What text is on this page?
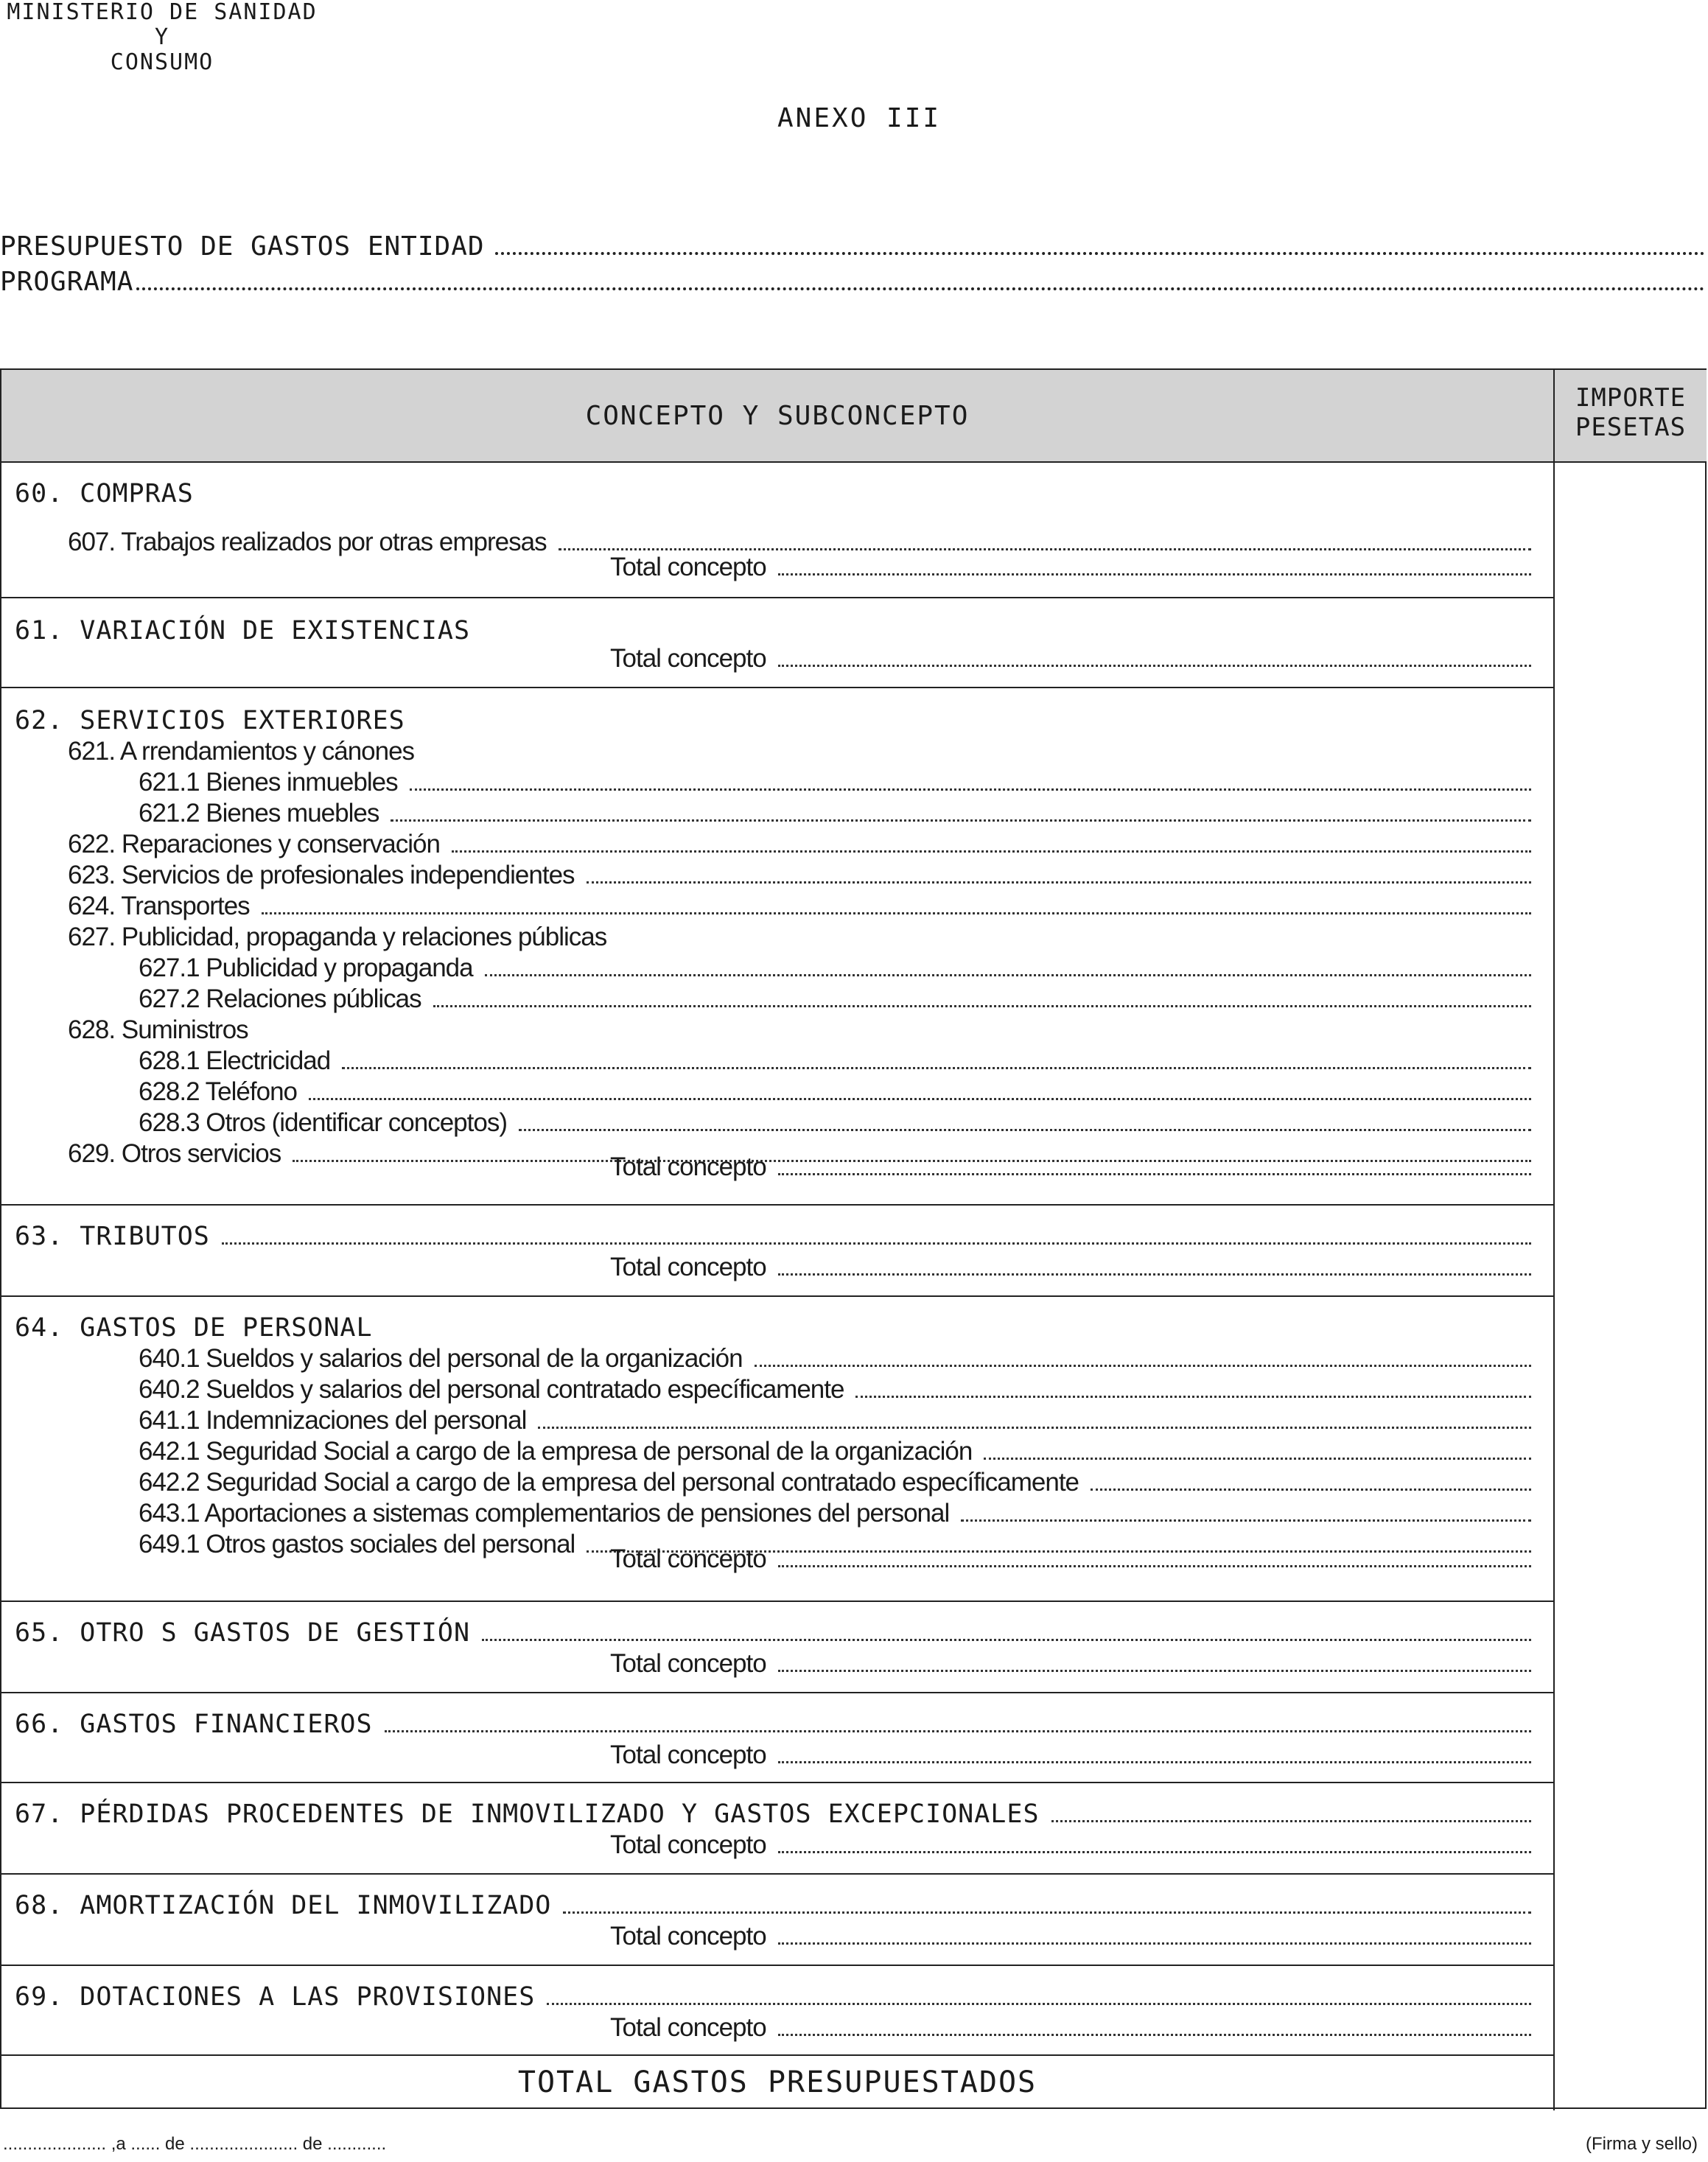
MINISTERIO DE SANIDAD
Y
CONSUMO
ANEXO III
PRESUPUESTO DE GASTOS ENTIDAD
PROGRAMA
CONCEPTO Y SUBCONCEPTO
IMPORTE
PESETAS
60. COMPRAS
607. Trabajos realizados por otras empresas
Total concepto
61. VARIACIÓN DE EXISTENCIAS
Total concepto
62. SERVICIOS EXTERIORES
621. A rrendamientos y cánones
621.1 Bienes inmuebles
621.2 Bienes muebles
622. Reparaciones y conservación
623. Servicios de profesionales independientes
624. Transportes
627. Publicidad, propaganda y relaciones públicas
627.1 Publicidad y propaganda
627.2 Relaciones públicas
628. Suministros
628.1 Electricidad
628.2 Teléfono
628.3 Otros (identificar conceptos)
629. Otros servicios	Total concepto
63. TRIBUTOS
Total concepto
64. GASTOS DE PERSONAL
640.1 Sueldos y salarios del personal de la organización
640.2 Sueldos y salarios del personal contratado específicamente
641.1 Indemnizaciones del personal
642.1 Seguridad Social a cargo de la empresa de personal de la organización
642.2 Seguridad Social a cargo de la empresa del personal contratado específicamente
643.1 Aportaciones a sistemas complementarios de pensiones del personal
649.1 Otros gastos sociales del personal
Total concepto
65. OTRO S GASTOS DE GESTIÓN
Total concepto
66. GASTOS FINANCIEROS
Total concepto
67. PÉRDIDAS PROCEDENTES DE INMOVILIZADO Y GASTOS EXCEPCIONALES
Total concepto
68. AMORTIZACIÓN DEL INMOVILIZADO
Total concepto
69. DOTACIONES A LAS PROVISIONES
Total concepto
TOTAL GASTOS PRESUPUESTADOS
..................... ,a ...... de ...................... de ............	(Firma y sello)
